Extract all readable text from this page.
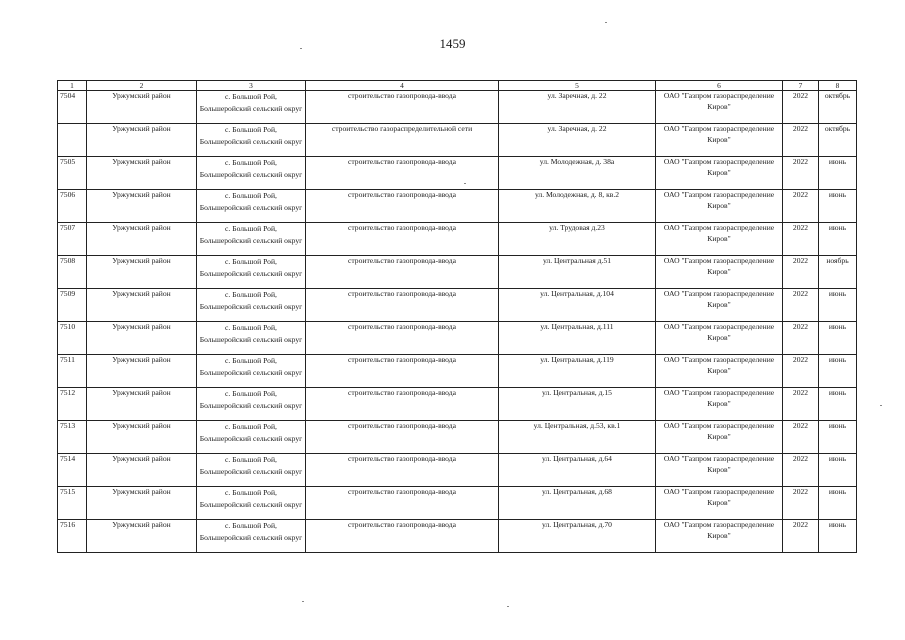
1459
1	2	3	4	5	6	7	8
7504	Уржумский район	с. Большой Рой, Большеройский сельский округ	строительство газопровода-ввода	ул. Заречная, д. 22	ОАО "Газпром газораспределение Киров"	2022	октябрь
	Уржумский район	с. Большой Рой, Большеройский сельский округ	строительство газораспределительной сети	ул. Заречная, д. 22	ОАО "Газпром газораспределение Киров"	2022	октябрь
7505	Уржумский район	с. Большой Рой, Большеройский сельский округ	строительство газопровода-ввода	ул. Молодежная, д. 38а	ОАО "Газпром газораспределение Киров"	2022	июнь
7506	Уржумский район	с. Большой Рой, Большеройский сельский округ	строительство газопровода-ввода	ул. Молодежная, д. 8, кв.2	ОАО "Газпром газораспределение Киров"	2022	июнь
7507	Уржумский район	с. Большой Рой, Большеройский сельский округ	строительство газопровода-ввода	ул. Трудовая д.23	ОАО "Газпром газораспределение Киров"	2022	июнь
7508	Уржумский район	с. Большой Рой, Большеройский сельский округ	строительство газопровода-ввода	ул. Центральная д.51	ОАО "Газпром газораспределение Киров"	2022	ноябрь
7509	Уржумский район	с. Большой Рой, Большеройский сельский округ	строительство газопровода-ввода	ул. Центральная, д.104	ОАО "Газпром газораспределение Киров"	2022	июнь
7510	Уржумский район	с. Большой Рой, Большеройский сельский округ	строительство газопровода-ввода	ул. Центральная, д.111	ОАО "Газпром газораспределение Киров"	2022	июнь
7511	Уржумский район	с. Большой Рой, Большеройский сельский округ	строительство газопровода-ввода	ул. Центральная, д.119	ОАО "Газпром газораспределение Киров"	2022	июнь
7512	Уржумский район	с. Большой Рой, Большеройский сельский округ	строительство газопровода-ввода	ул. Центральная, д.15	ОАО "Газпром газораспределение Киров"	2022	июнь
7513	Уржумский район	с. Большой Рой, Большеройский сельский округ	строительство газопровода-ввода	ул. Центральная, д.53, кв.1	ОАО "Газпром газораспределение Киров"	2022	июнь
7514	Уржумский район	с. Большой Рой, Большеройский сельский округ	строительство газопровода-ввода	ул. Центральная, д.64	ОАО "Газпром газораспределение Киров"	2022	июнь
7515	Уржумский район	с. Большой Рой, Большеройский сельский округ	строительство газопровода-ввода	ул. Центральная, д.68	ОАО "Газпром газораспределение Киров"	2022	июнь
7516	Уржумский район	с. Большой Рой, Большеройский сельский округ	строительство газопровода-ввода	ул. Центральная, д.70	ОАО "Газпром газораспределение Киров"	2022	июнь
